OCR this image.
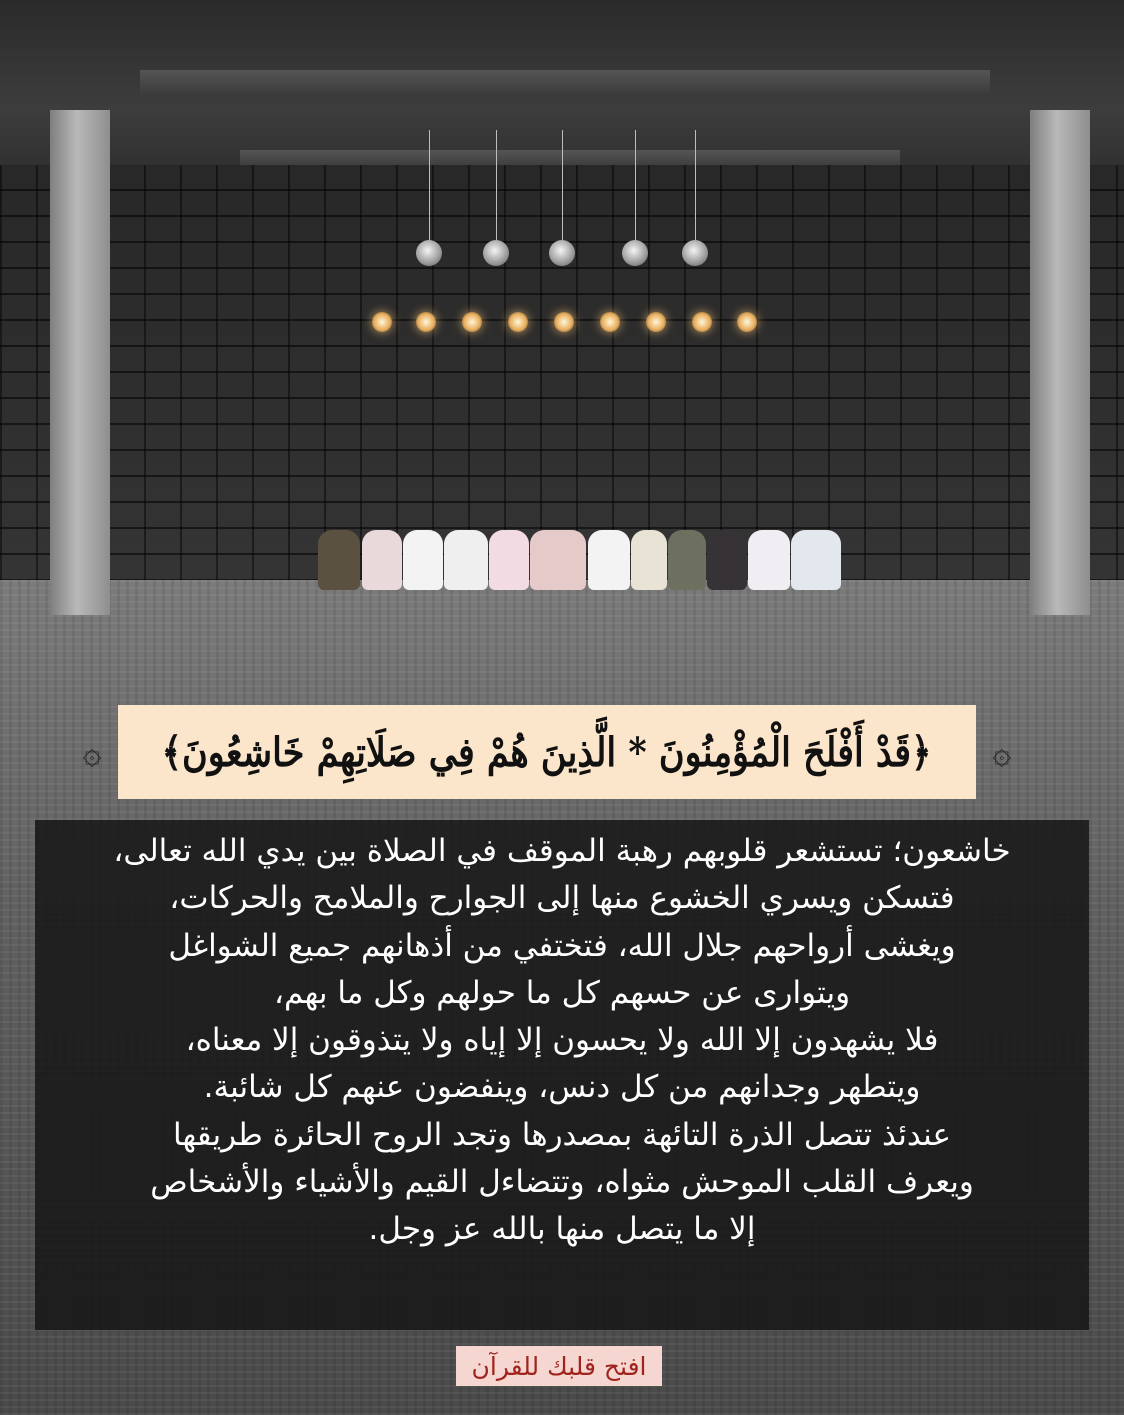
۞
﴿قَدْ أَفْلَحَ الْمُؤْمِنُونَ * الَّذِينَ هُمْ فِي صَلَاتِهِمْ خَاشِعُونَ﴾
۞
خاشعون؛ تستشعر قلوبهم رهبة الموقف في الصلاة بين يدي الله تعالى،
فتسكن ويسري الخشوع منها إلى الجوارح والملامح والحركات،
ويغشى أرواحهم جلال الله، فتختفي من أذهانهم جميع الشواغل
ويتوارى عن حسهم كل ما حولهم وكل ما بهم،
فلا يشهدون إلا الله ولا يحسون إلا إياه ولا يتذوقون إلا معناه،
ويتطهر وجدانهم من كل دنس، وينفضون عنهم كل شائبة.
عندئذ تتصل الذرة التائهة بمصدرها وتجد الروح الحائرة طريقها
ويعرف القلب الموحش مثواه، وتتضاءل القيم والأشياء والأشخاص
إلا ما يتصل منها بالله عز وجل.
افتح قلبك للقرآن
